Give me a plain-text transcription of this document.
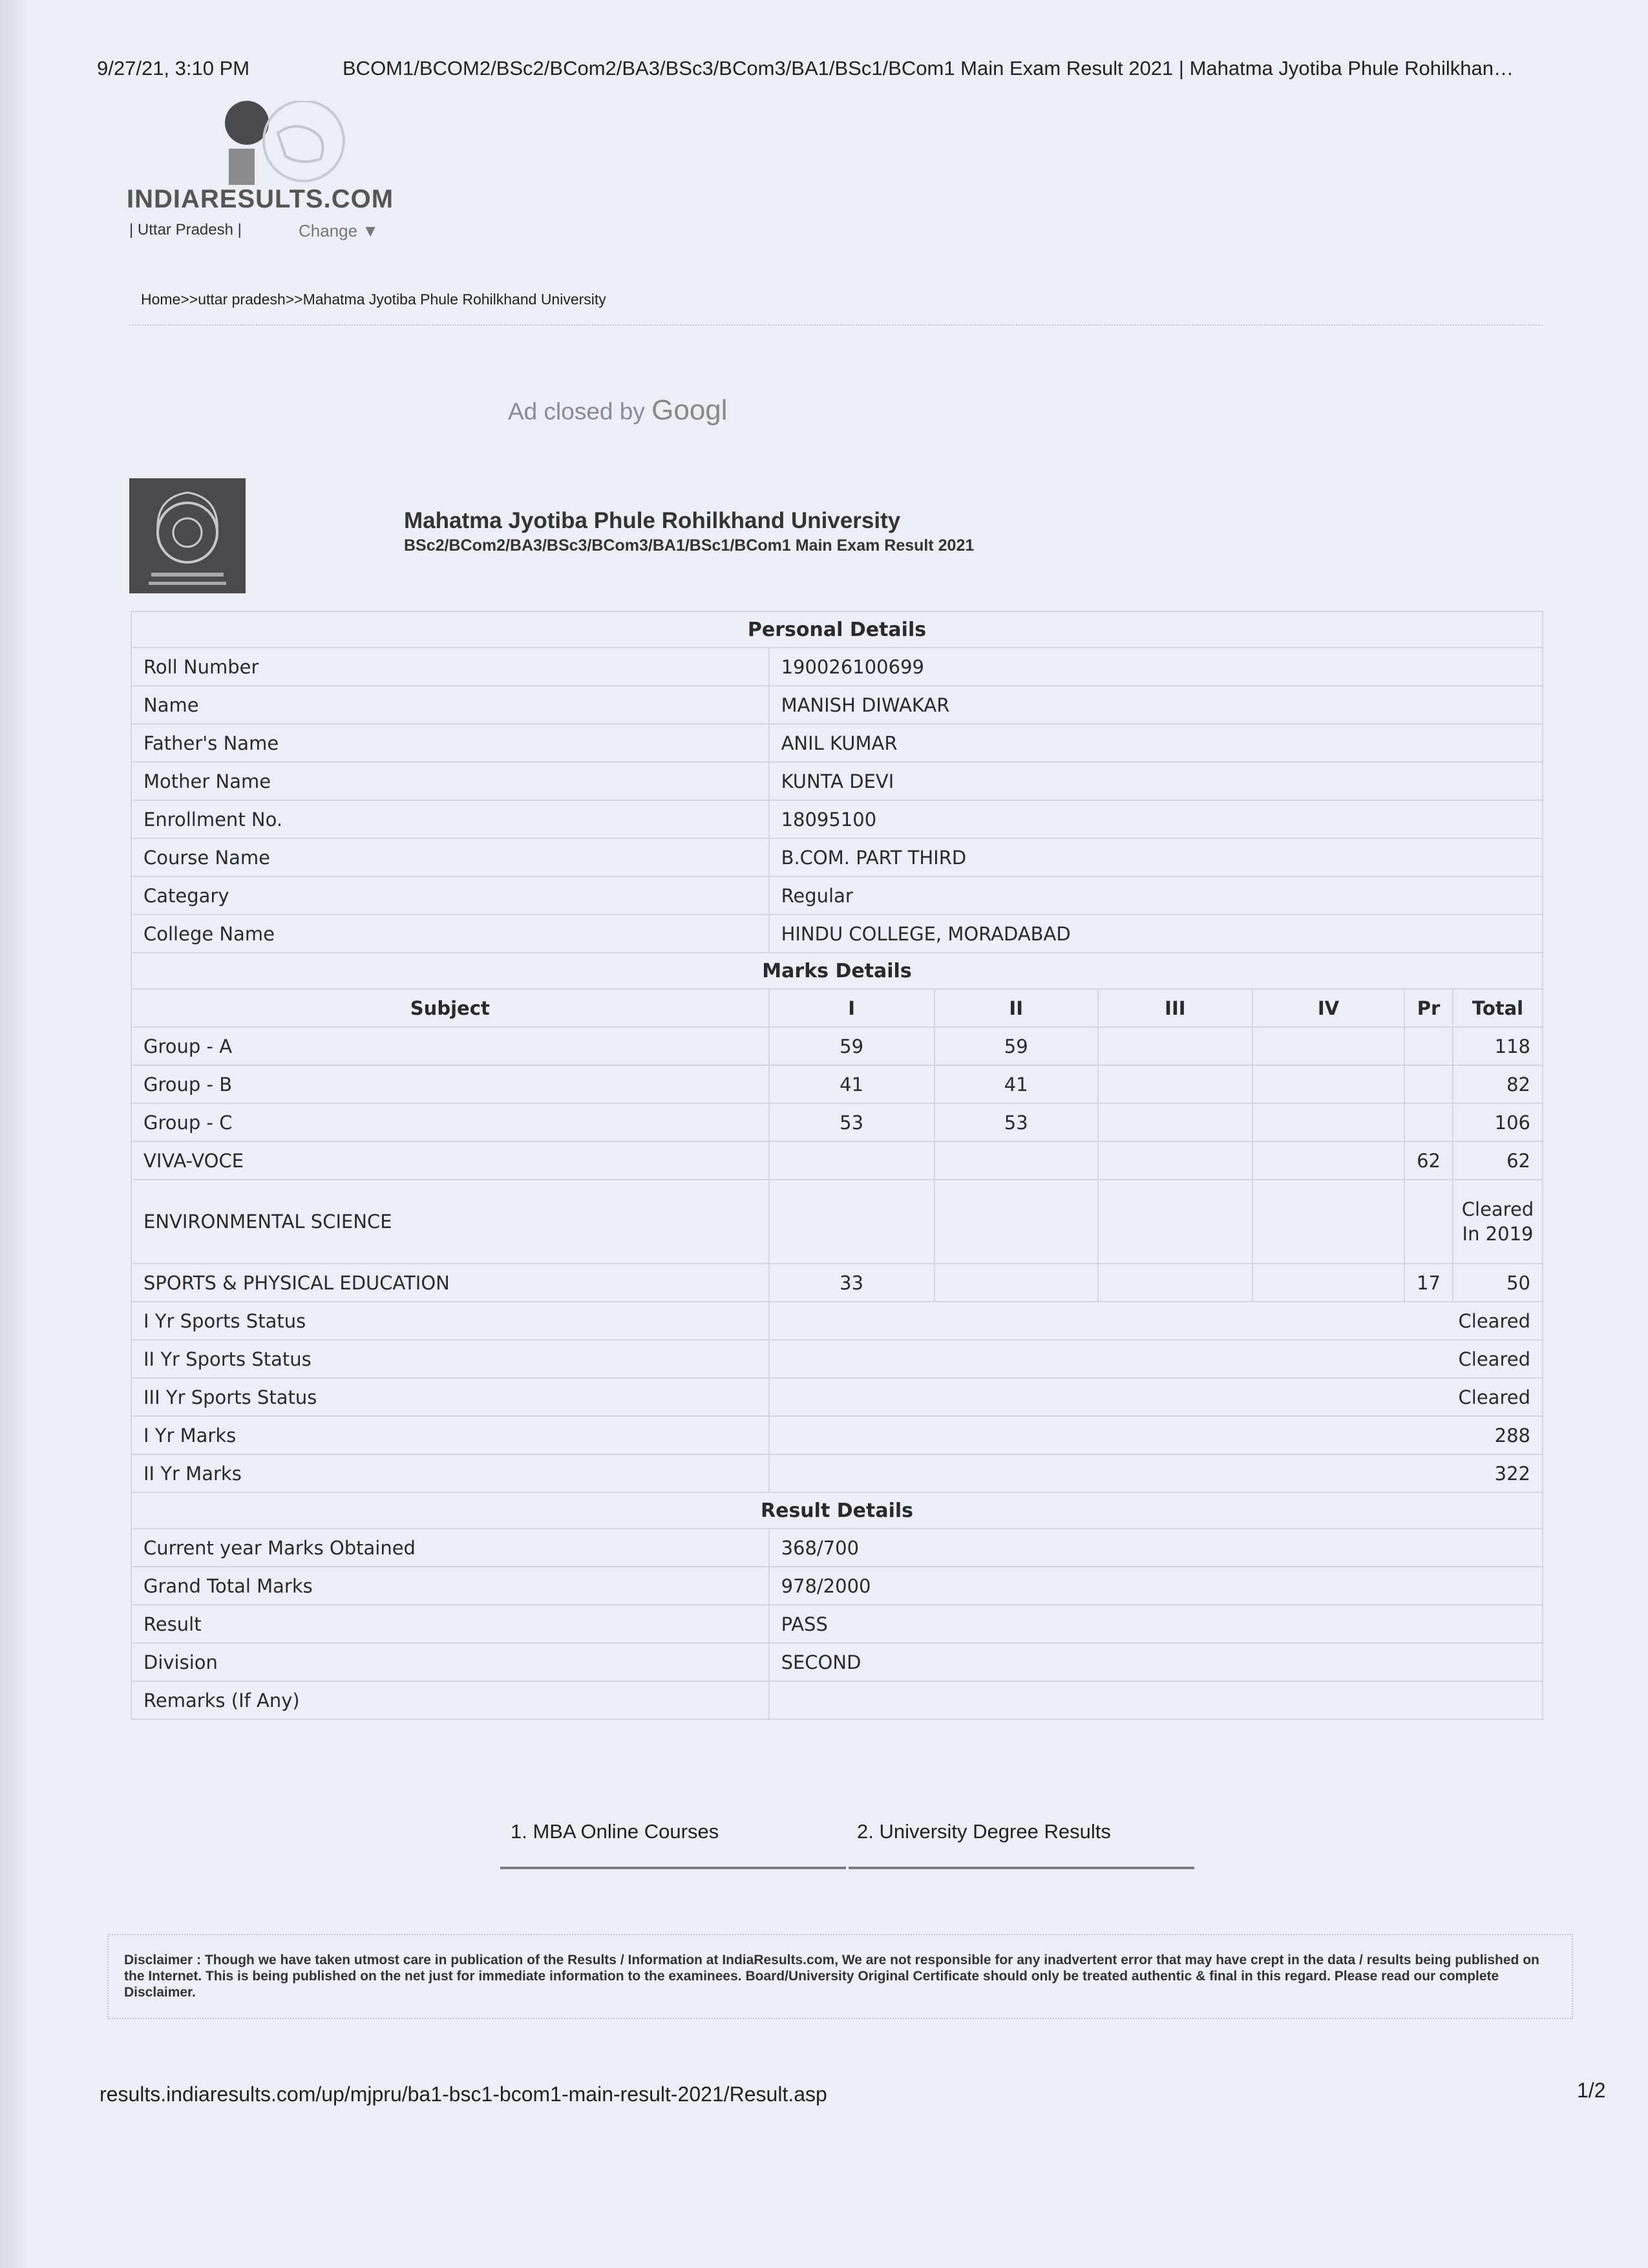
9/27/21, 3:10 PM	BCOM1/BCOM2/BSc2/BCom2/BA3/BSc3/BCom3/BA1/BSc1/BCom1 Main Exam Result 2021 | Mahatma Jyotiba Phule Rohilkhan…
INDIARESULTS.COM
| Uttar Pradesh |	Change ▼
Home>>uttar pradesh>>Mahatma Jyotiba Phule Rohilkhand University
Ad closed by Googl
Mahatma Jyotiba Phule Rohilkhand University
BSc2/BCom2/BA3/BSc3/BCom3/BA1/BSc1/BCom1 Main Exam Result 2021
Personal Details						
Roll Number	190026100699					
Name	MANISH DIWAKAR					
Father's Name	ANIL KUMAR					
Mother Name	KUNTA DEVI					
Enrollment No.	18095100					
Course Name	B.COM. PART THIRD					
Categary	Regular					
College Name	HINDU COLLEGE, MORADABAD					
Marks Details						
Subject	I	II	III	IV	Pr	Total
Group - A	59	59				118
Group - B	41	41				82
Group - C	53	53				106
VIVA-VOCE					62	62
ENVIRONMENTAL SCIENCE						Cleared In 2019
SPORTS & PHYSICAL EDUCATION	33				17	50
I Yr Sports Status	Cleared					
II Yr Sports Status	Cleared					
III Yr Sports Status	Cleared					
I Yr Marks	288					
II Yr Marks	322					
Result Details						
Current year Marks Obtained	368/700					
Grand Total Marks	978/2000					
Result	PASS					
Division	SECOND					
Remarks (If Any)						
1. MBA Online Courses	2. University Degree Results

Disclaimer : Though we have taken utmost care in publication of the Results / Information at IndiaResults.com, We are not responsible for any inadvertent error that may have crept in the data / results being published on the Internet. This is being published on the net just for immediate information to the examinees. Board/University Original Certificate should only be treated authentic & final in this regard. Please read our complete Disclaimer.

results.indiaresults.com/up/mjpru/ba1-bsc1-bcom1-main-result-2021/Result.asp	1/2
